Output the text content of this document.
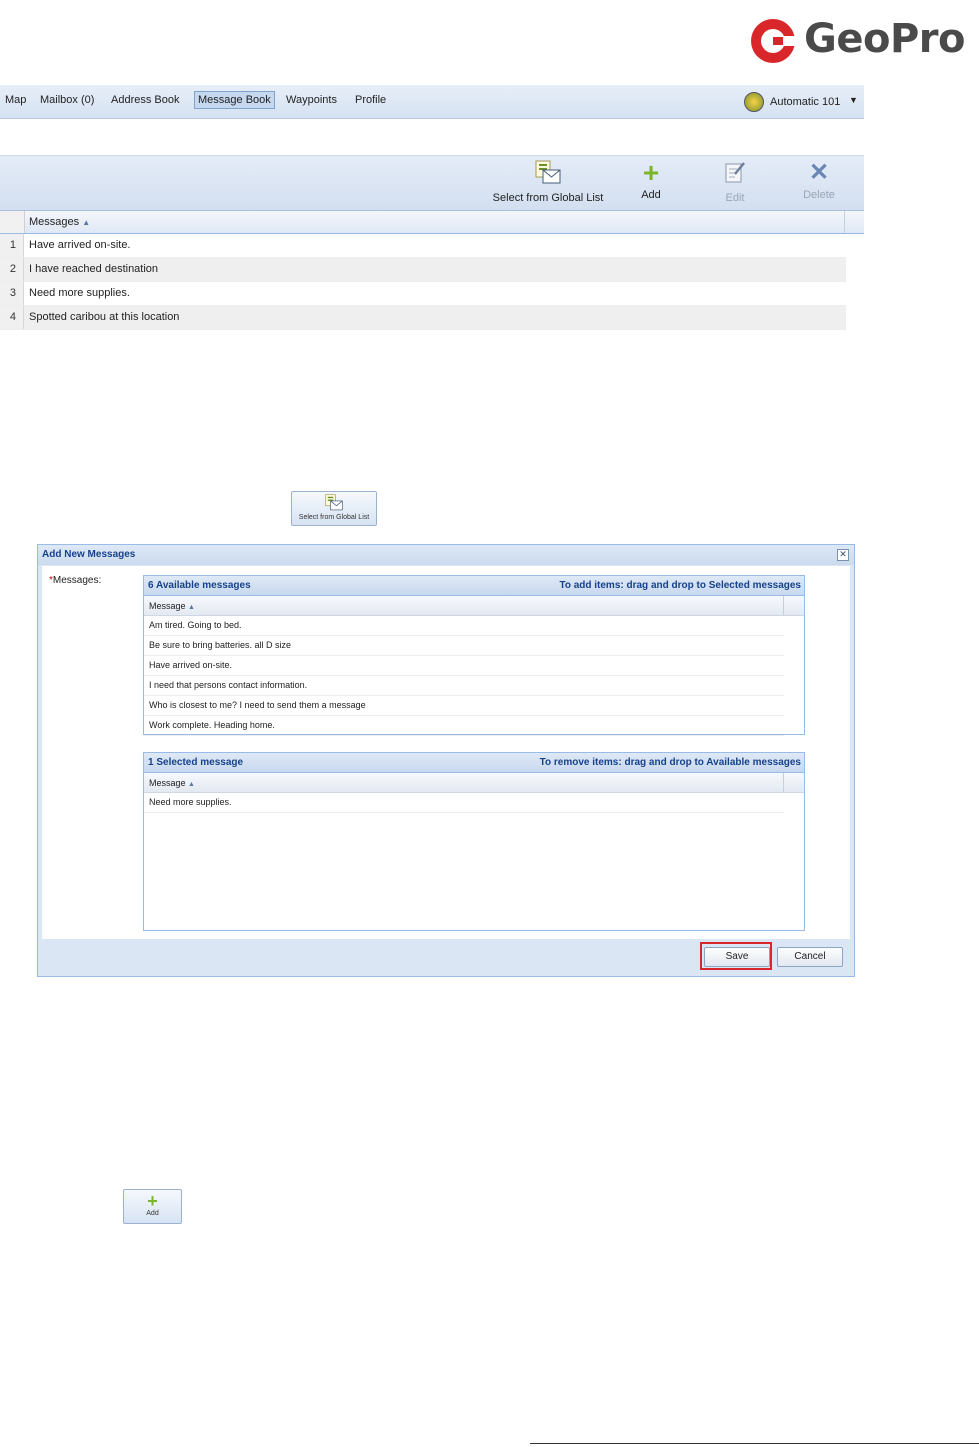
GeoPro
Map Mailbox (0) Address Book	Message Book	Waypoints Profile	Automatic 101 ▼
Select from Global List
+
Add	Edit
✕
Delete
Messages ▲
1	Have arrived on-site.
2	I have reached destination
3	Need more supplies.
4	Spotted caribou at this location
Select from Global List
Add New Messages	✕
*Messages:	6 Available messages	To add items: drag and drop to Selected messages
Message ▲
Am tired. Going to bed.
Be sure to bring batteries. all D size
Have arrived on-site.
I need that persons contact information.
Who is closest to me? I need to send them a message
Work complete. Heading home.
1 Selected message	To remove items: drag and drop to Available messages
Message ▲
Need more supplies.
Save	Cancel
+
Add
